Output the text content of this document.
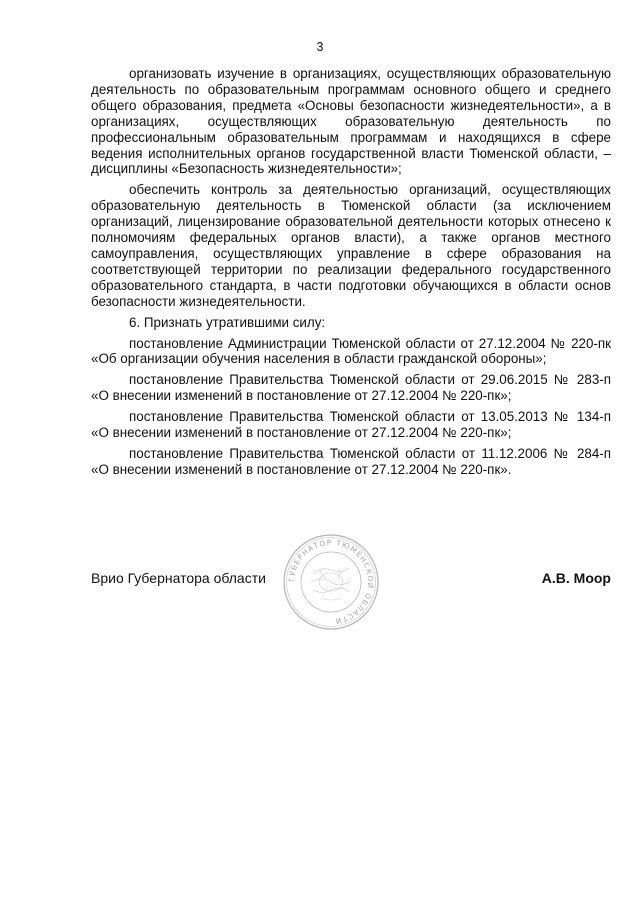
3

организовать изучение в организациях, осуществляющих образовательную деятельность по образовательным программам основного общего и среднего общего образования, предмета «Основы безопасности жизнедеятельности», а в организациях, осуществляющих образовательную деятельность по профессиональным образовательным программам и находящихся в сфере ведения исполнительных органов государственной власти Тюменской области, – дисциплины «Безопасность жизнедеятельности»;

обеспечить контроль за деятельностью организаций, осуществляющих образовательную деятельность в Тюменской области (за исключением организаций, лицензирование образовательной деятельности которых отнесено к полномочиям федеральных органов власти), а также органов местного самоуправления, осуществляющих управление в сфере образования на соответствующей территории по реализации федерального государственного образовательного стандарта, в части подготовки обучающихся в области основ безопасности жизнедеятельности.

6. Признать утратившими силу:

постановление Администрации Тюменской области от 27.12.2004 № 220-пк «Об организации обучения населения в области гражданской обороны»;

постановление Правительства Тюменской области от 29.06.2015 № 283-п «О внесении изменений в постановление от 27.12.2004 № 220-пк»;

постановление Правительства Тюменской области от 13.05.2013 № 134-п «О внесении изменений в постановление от 27.12.2004 № 220-пк»;

постановление Правительства Тюменской области от 11.12.2006 № 284-п «О внесении изменений в постановление от 27.12.2004 № 220-пк».

ГУБЕРНАТОР ТЮМЕНСКОЙ ОБЛАСТИ
Врио Губернатора области	А.В. Моор
